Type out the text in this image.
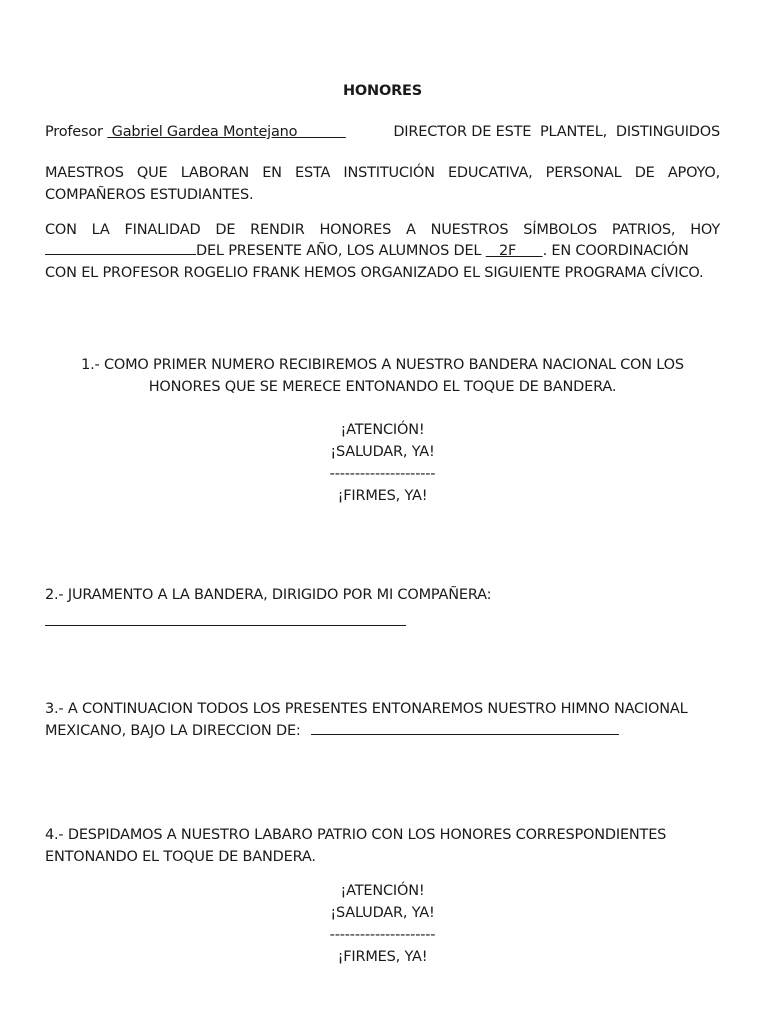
HONORES
Profesor  Gabriel Gardea Montejano	DIRECTOR DE ESTE  PLANTEL,  DISTINGUIDOS
MAESTROS QUE LABORAN EN ESTA INSTITUCIÓN EDUCATIVA, PERSONAL DE APOYO,
COMPAÑEROS ESTUDIANTES.
CON LA FINALIDAD DE RENDIR HONORES A NUESTROS SÍMBOLOS PATRIOS, HOY
DEL PRESENTE AÑO, LOS ALUMNOS DEL    2F      . EN COORDINACIÓN
CON EL PROFESOR ROGELIO FRANK HEMOS ORGANIZADO EL SIGUIENTE PROGRAMA CÍVICO.
1.- COMO PRIMER NUMERO RECIBIREMOS A NUESTRO BANDERA NACIONAL CON LOS
HONORES QUE SE MERECE ENTONANDO EL TOQUE DE BANDERA.
¡ATENCIÓN!
¡SALUDAR, YA!
---------------------
¡FIRMES, YA!
2.- JURAMENTO A LA BANDERA, DIRIGIDO POR MI COMPAÑERA:
3.- A CONTINUACION TODOS LOS PRESENTES ENTONAREMOS NUESTRO HIMNO NACIONAL
MEXICANO, BAJO LA DIRECCION DE:
4.- DESPIDAMOS A NUESTRO LABARO PATRIO CON LOS HONORES CORRESPONDIENTES
ENTONANDO EL TOQUE DE BANDERA.
¡ATENCIÓN!
¡SALUDAR, YA!
---------------------
¡FIRMES, YA!
